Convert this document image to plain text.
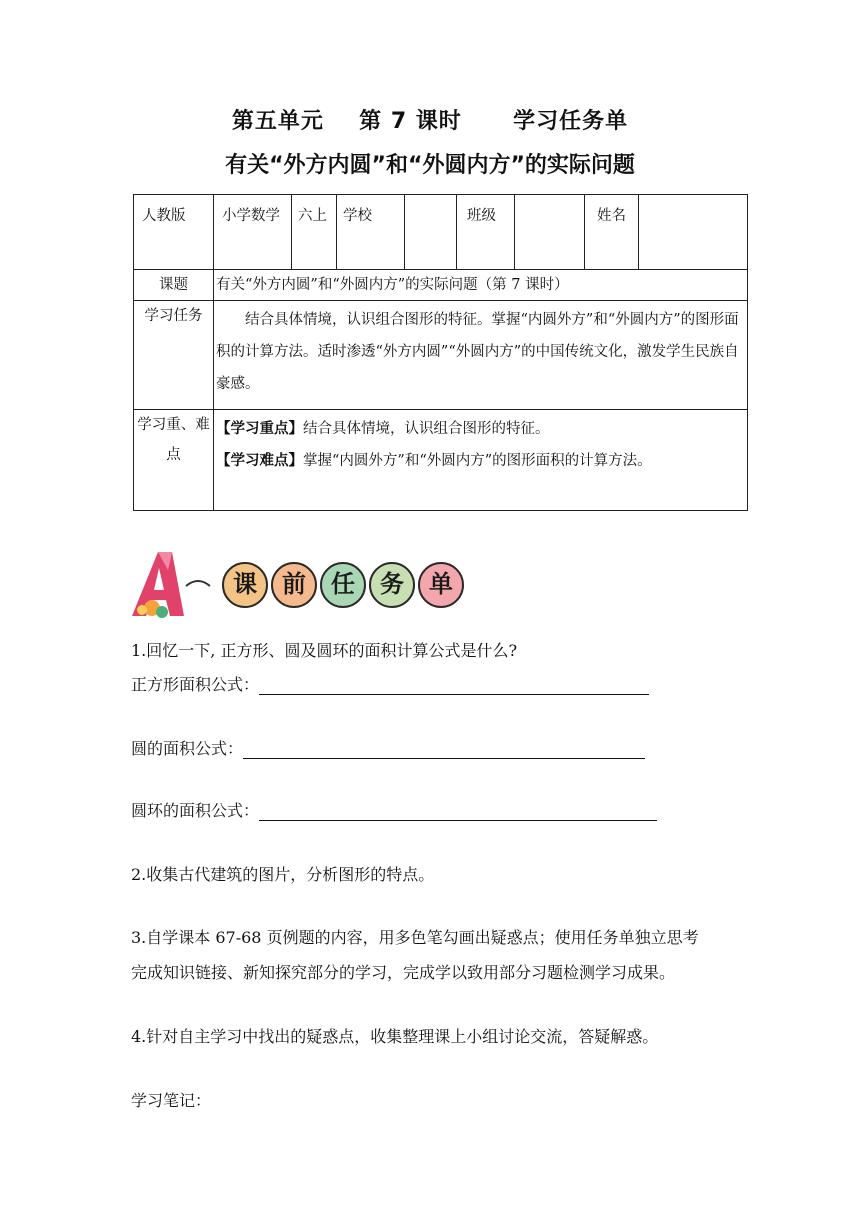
第五单元 第 7 课时 学习任务单
有关“外方内圆”和“外圆内方”的实际问题
人教版	小学数学	六上	学校		班级		姓名	

课题	有关“外方内圆”和“外圆内方”的实际问题（第 7 课时）							
学习任务	结合具体情境，认识组合图形的特征。掌握“内圆外方”和“外圆内方”的图形面积的计算方法。适时渗透“外方内圆”“外圆内方”的中国传统文化，激发学生民族自豪感。							

学习重、难点	【学习重点】结合具体情境，认识组合图形的特征。
【学习难点】掌握“内圆外方”和“外圆内方”的图形面积的计算方法。							
A	课	前	任	务	单
1.回忆一下, 正方形、圆及圆环的面积计算公式是什么?
正方形面积公式：
圆的面积公式：
圆环的面积公式：
2.收集古代建筑的图片，分析图形的特点。
3.自学课本 67-68 页例题的内容，用多色笔勾画出疑惑点；使用任务单独立思考
完成知识链接、新知探究部分的学习，完成学以致用部分习题检测学习成果。
4.针对自主学习中找出的疑惑点，收集整理课上小组讨论交流，答疑解惑。
学习笔记：
